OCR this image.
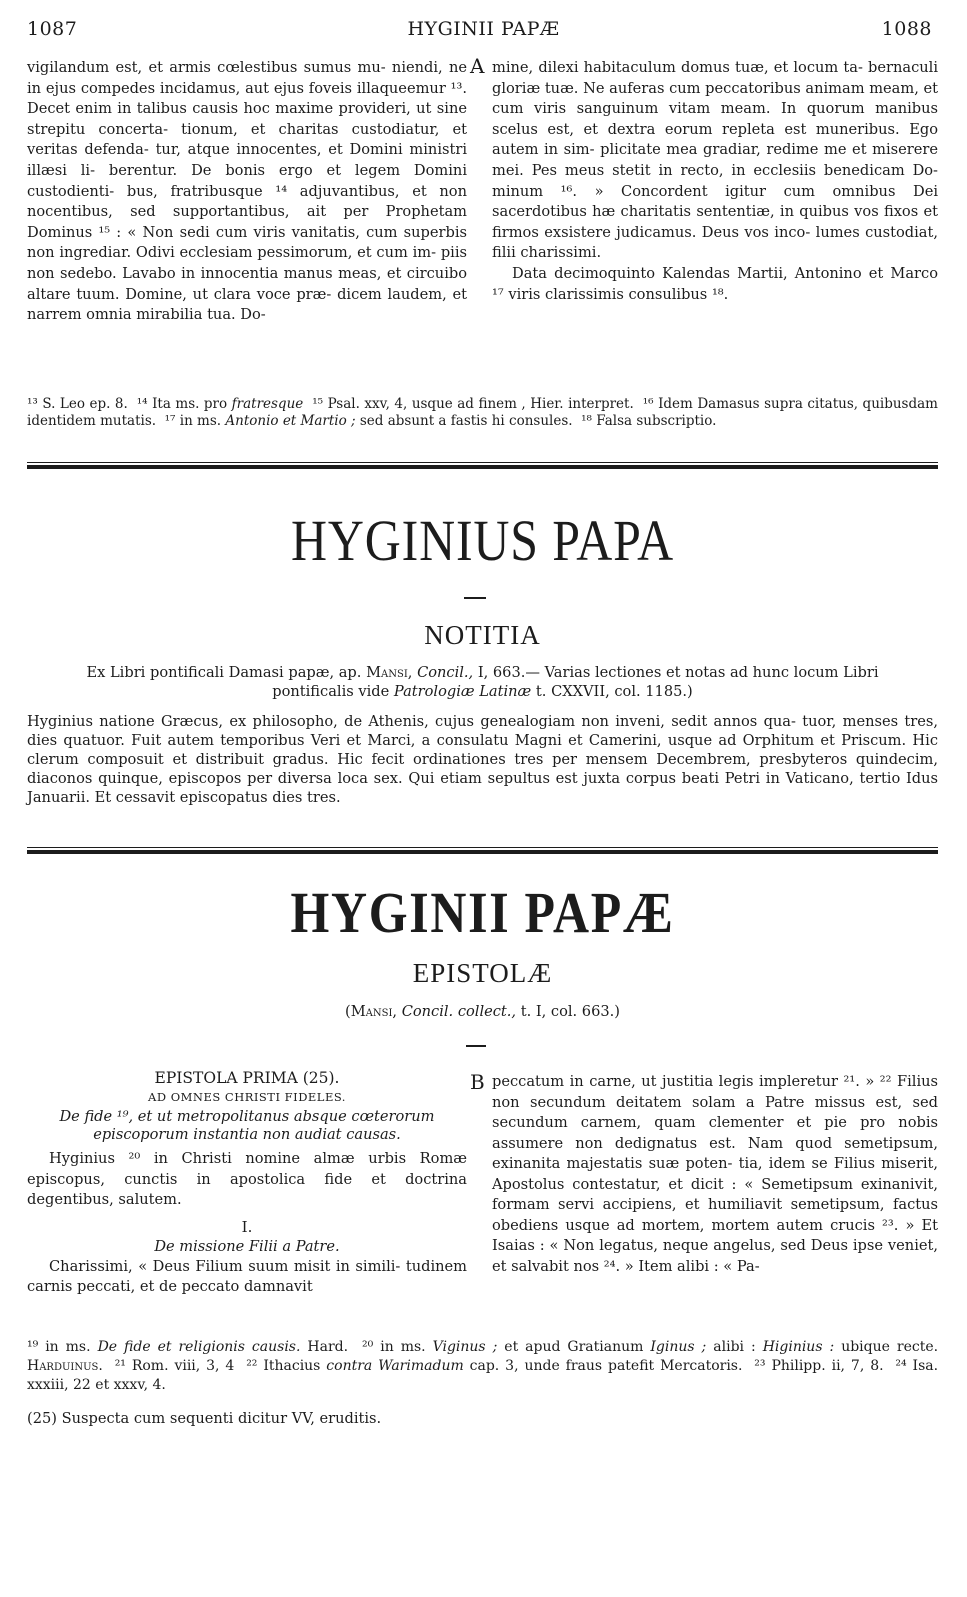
1087	HYGINII PAPÆ	1088

vigilandum est, et armis cœlestibus sumus mu- niendi, ne in ejus compedes incidamus, aut ejus foveis illaqueemur ¹³. Decet enim in talibus causis hoc maxime provideri, ut sine strepitu concerta- tionum, et charitas custodiatur, et veritas defenda- tur, atque innocentes, et Domini ministri illæsi li- berentur. De bonis ergo et legem Domini custodienti- bus, fratribusque ¹⁴ adjuvantibus, et non nocentibus, sed supportantibus, ait per Prophetam Dominus ¹⁵ : « Non sedi cum viris vanitatis, cum superbis non ingrediar. Odivi ecclesiam pessimorum, et cum im- piis non sedebo. Lavabo in innocentia manus meas, et circuibo altare tuum. Domine, ut clara voce præ- dicem laudem, et narrem omnia mirabilia tua. Do-

A mine, dilexi habitaculum domus tuæ, et locum ta- bernaculi gloriæ tuæ. Ne auferas cum peccatoribus animam meam, et cum viris sanguinum vitam meam. In quorum manibus scelus est, et dextra eorum repleta est muneribus. Ego autem in sim- plicitate mea gradiar, redime me et miserere mei. Pes meus stetit in recto, in ecclesiis benedicam Do- minum ¹⁶. » Concordent igitur cum omnibus Dei sacerdotibus hæ charitatis sententiæ, in quibus vos fixos et firmos exsistere judicamus. Deus vos inco- lumes custodiat, filii charissimi.

Data decimoquinto Kalendas Martii, Antonino et Marco ¹⁷ viris clarissimis consulibus ¹⁸.

¹³ S. Leo ep. 8. ¹⁴ Ita ms. pro fratresque ¹⁵ Psal. xxv, 4, usque ad finem , Hier. interpret. ¹⁶ Idem Damasus supra citatus, quibusdam identidem mutatis. ¹⁷ in ms. Antonio et Martio ; sed absunt a fastis hi consules. ¹⁸ Falsa subscriptio.
HYGINIUS PAPA
NOTITIA
Ex Libri pontificali Damasi papæ, ap. Mansi, Concil., I, 663.— Varias lectiones et notas ad hunc locum Libri pontificalis vide Patrologiæ Latinæ t. CXXVII, col. 1185.)
Hyginius natione Græcus, ex philosopho, de Athenis, cujus genealogiam non inveni, sedit annos qua- tuor, menses tres, dies quatuor. Fuit autem temporibus Veri et Marci, a consulatu Magni et Camerini, usque ad Orphitum et Priscum. Hic clerum composuit et distribuit gradus. Hic fecit ordinationes tres per mensem Decembrem, presbyteros quindecim, diaconos quinque, episcopos per diversa loca sex. Qui etiam sepultus est juxta corpus beati Petri in Vaticano, tertio Idus Januarii. Et cessavit episcopatus dies tres.
HYGINII PAPÆ
EPISTOLÆ
(Mansi, Concil. collect., t. I, col. 663.)
EPISTOLA PRIMA (25).
AD OMNES CHRISTI FIDELES.
De fide ¹⁹, et ut metropolitanus absque cœterorum episcoporum instantia non audiat causas.
Hyginius ²⁰ in Christi nomine almæ urbis Romæ episcopus, cunctis in apostolica fide et doctrina degentibus, salutem.
I.
De missione Filii a Patre.
Charissimi, « Deus Filium suum misit in simili- tudinem carnis peccati, et de peccato damnavit
B peccatum in carne, ut justitia legis impleretur ²¹. » ²² Filius non secundum deitatem solam a Patre missus est, sed secundum carnem, quam clementer et pie pro nobis assumere non dedignatus est. Nam quod semetipsum, exinanita majestatis suæ poten- tia, idem se Filius miserit, Apostolus contestatur, et dicit : « Semetipsum exinanivit, formam servi accipiens, et humiliavit semetipsum, factus obediens usque ad mortem, mortem autem crucis ²³. » Et Isaias : « Non legatus, neque angelus, sed Deus ipse veniet, et salvabit nos ²⁴. » Item alibi : « Pa-

¹⁹ in ms. De fide et religionis causis. Hard. ²⁰ in ms. Viginus ; et apud Gratianum Iginus ; alibi : Higinius : ubique recte. Harduinus. ²¹ Rom. viii, 3, 4 ²² Ithacius contra Warimadum cap. 3, unde fraus patefit Mercatoris. ²³ Philipp. ii, 7, 8. ²⁴ Isa. xxxiii, 22 et xxxv, 4.
(25) Suspecta cum sequenti dicitur VV, eruditis.
